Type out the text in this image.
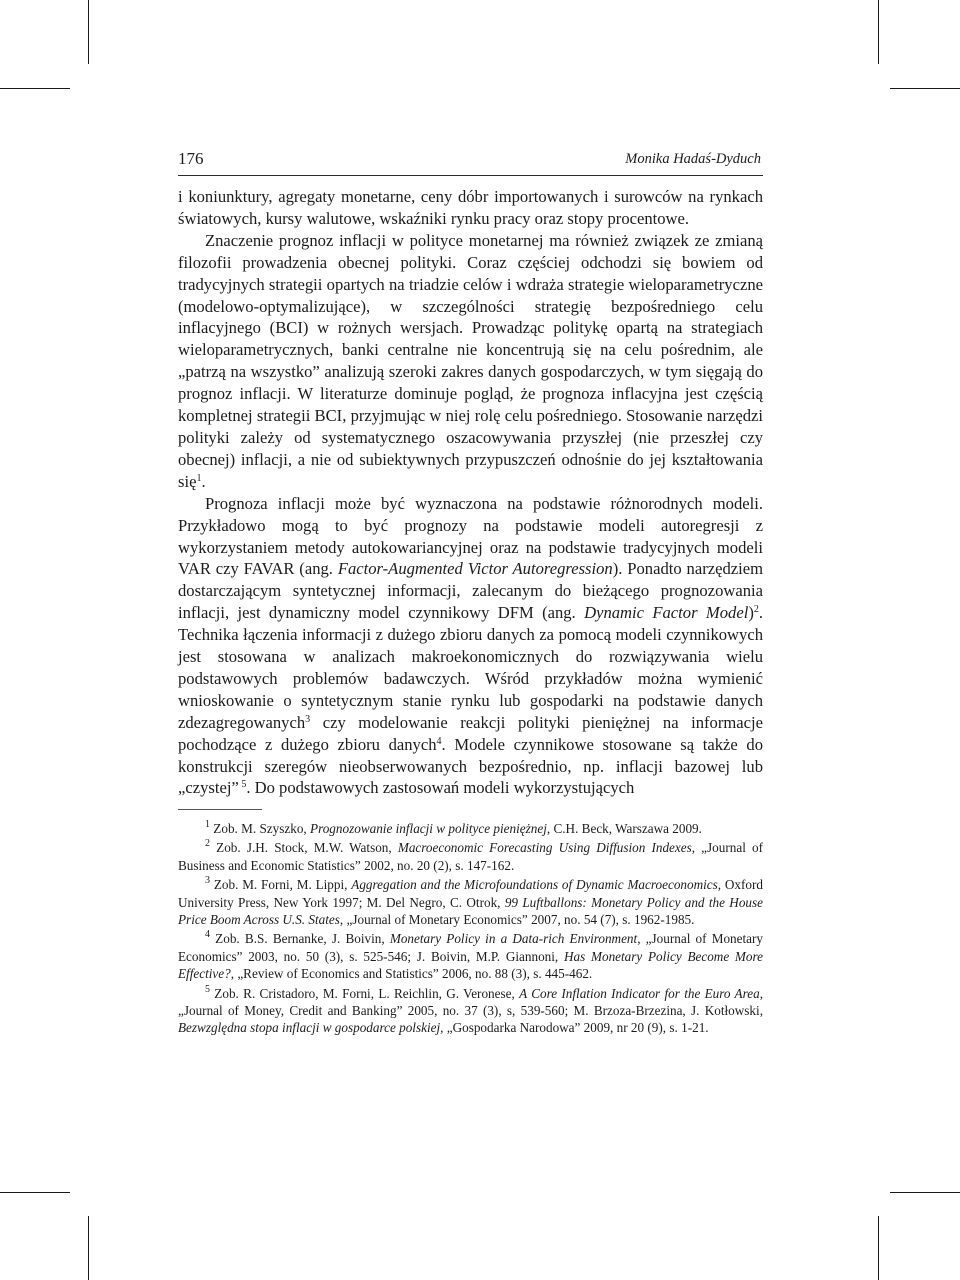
176	Monika Hadaś-Dyduch

i koniunktury, agregaty monetarne, ceny dóbr importowanych i surowców na rynkach światowych, kursy walutowe, wskaźniki rynku pracy oraz stopy procentowe.

Znaczenie prognoz inflacji w polityce monetarnej ma również związek ze zmianą filozofii prowadzenia obecnej polityki. Coraz częściej odchodzi się bowiem od tradycyjnych strategii opartych na triadzie celów i wdraża strategie wieloparametryczne (modelowo-optymalizujące), w szczególności strategię bezpośredniego celu inflacyjnego (BCI) w rożnych wersjach. Prowadząc politykę opartą na strategiach wieloparametrycznych, banki centralne nie koncentrują się na celu pośrednim, ale „patrzą na wszystko” analizują szeroki zakres danych gospodarczych, w tym sięgają do prognoz inflacji. W literaturze dominuje pogląd, że prognoza inflacyjna jest częścią kompletnej strategii BCI, przyjmując w niej rolę celu pośredniego. Stosowanie narzędzi polityki zależy od systematycznego oszacowywania przyszłej (nie przeszłej czy obecnej) inflacji, a nie od subiektywnych przypuszczeń odnośnie do jej kształtowania się$^1$.

Prognoza inflacji może być wyznaczona na podstawie różnorodnych modeli. Przykładowo mogą to być prognozy na podstawie modeli autoregresji z wykorzystaniem metody autokowariancyjnej oraz na podstawie tradycyjnych modeli VAR czy FAVAR (ang. Factor-Augmented Victor Autoregression). Ponadto narzędziem dostarczającym syntetycznej informacji, zalecanym do bieżącego prognozowania inflacji, jest dynamiczny model czynnikowy DFM (ang. Dynamic Factor Model)$^2$. Technika łączenia informacji z dużego zbioru danych za pomocą modeli czynnikowych jest stosowana w analizach makroekonomicznych do rozwiązywania wielu podstawowych problemów badawczych. Wśród przykładów można wymienić wnioskowanie o syntetycznym stanie rynku lub gospodarki na podstawie danych zdezagregowanych$^3$ czy modelowanie reakcji polityki pieniężnej na informacje pochodzące z dużego zbioru danych$^4$. Modele czynnikowe stosowane są także do konstrukcji szeregów nieobserwowanych bezpośrednio, np. inflacji bazowej lub „czystej” $^5$. Do podstawowych zastosowań modeli wykorzystujących

$^1$ Zob. M. Szyszko, Prognozowanie inflacji w polityce pieniężnej, C.H. Beck, Warszawa 2009.

$^2$ Zob. J.H. Stock, M.W. Watson, Macroeconomic Forecasting Using Diffusion Indexes, „Journal of Business and Economic Statistics” 2002, no. 20 (2), s. 147-162.

$^3$ Zob. M. Forni, M. Lippi, Aggregation and the Microfoundations of Dynamic Macroeconomics, Oxford University Press, New York 1997; M. Del Negro, C. Otrok, 99 Luftballons: Monetary Policy and the House Price Boom Across U.S. States, „Journal of Monetary Economics” 2007, no. 54 (7), s. 1962-1985.

$^4$ Zob. B.S. Bernanke, J. Boivin, Monetary Policy in a Data-rich Environment, „Journal of Monetary Economics” 2003, no. 50 (3), s. 525-546; J. Boivin, M.P. Giannoni, Has Monetary Policy Become More Effective?, „Review of Economics and Statistics” 2006, no. 88 (3), s. 445-462.

$^5$ Zob. R. Cristadoro, M. Forni, L. Reichlin, G. Veronese, A Core Inflation Indicator for the Euro Area, „Journal of Money, Credit and Banking” 2005, no. 37 (3), s, 539-560; M. Brzoza-Brzezina, J. Kotłowski, Bezwzględna stopa inflacji w gospodarce polskiej, „Gospodarka Narodowa” 2009, nr 20 (9), s. 1-21.
